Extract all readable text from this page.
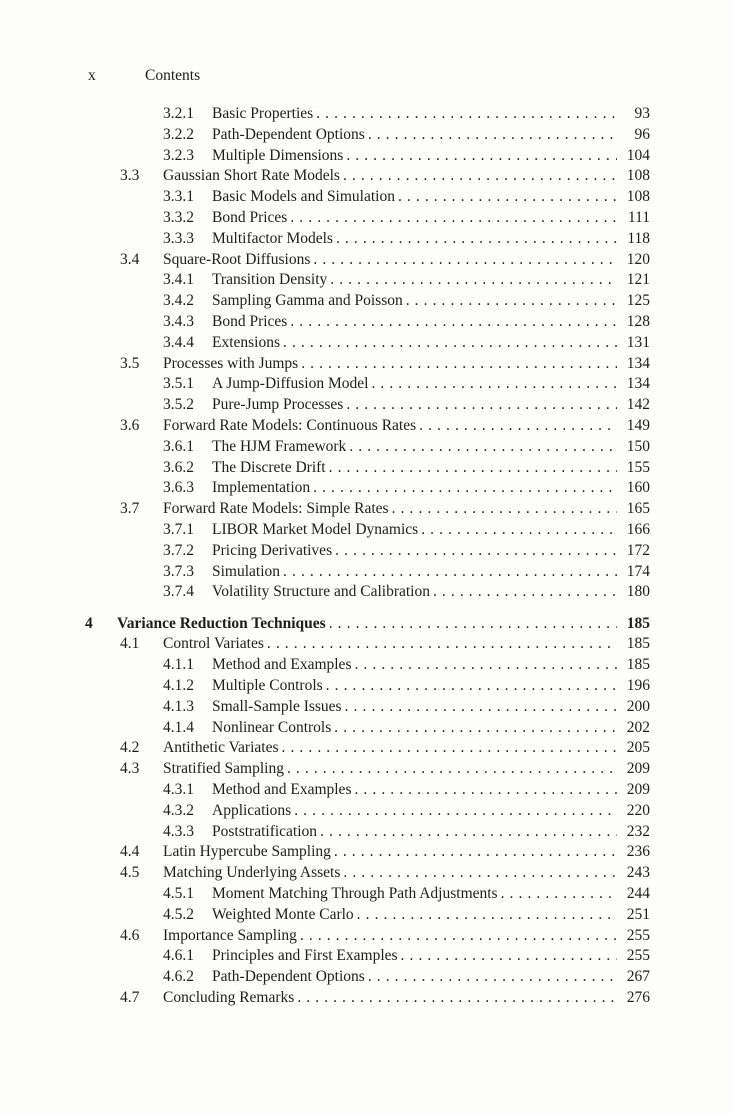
x	Contents
3.2.1	Basic Properties . . .	93
3.2.2	Path-Dependent Options . . .	96
3.2.3	Multiple Dimensions . . .	104
3.3	Gaussian Short Rate Models . . .	108
3.3.1	Basic Models and Simulation . . .	108
3.3.2	Bond Prices . . .	111
3.3.3	Multifactor Models . . .	118
3.4	Square-Root Diffusions . . .	120
3.4.1	Transition Density . . .	121
3.4.2	Sampling Gamma and Poisson . . .	125
3.4.3	Bond Prices . . .	128
3.4.4	Extensions . . .	131
3.5	Processes with Jumps . . .	134
3.5.1	A Jump-Diffusion Model . . .	134
3.5.2	Pure-Jump Processes . . .	142
3.6	Forward Rate Models: Continuous Rates . . .	149
3.6.1	The HJM Framework . . .	150
3.6.2	The Discrete Drift . . .	155
3.6.3	Implementation . . .	160
3.7	Forward Rate Models: Simple Rates . . .	165
3.7.1	LIBOR Market Model Dynamics . . .	166
3.7.2	Pricing Derivatives . . .	172
3.7.3	Simulation . . .	174
3.7.4	Volatility Structure and Calibration . . .	180
4	Variance Reduction Techniques . . .	185
4.1	Control Variates . . .	185
4.1.1	Method and Examples . . .	185
4.1.2	Multiple Controls . . .	196
4.1.3	Small-Sample Issues . . .	200
4.1.4	Nonlinear Controls . . .	202
4.2	Antithetic Variates . . .	205
4.3	Stratified Sampling . . .	209
4.3.1	Method and Examples . . .	209
4.3.2	Applications . . .	220
4.3.3	Poststratification . . .	232
4.4	Latin Hypercube Sampling . . .	236
4.5	Matching Underlying Assets . . .	243
4.5.1	Moment Matching Through Path Adjustments . . .	244
4.5.2	Weighted Monte Carlo . . .	251
4.6	Importance Sampling . . .	255
4.6.1	Principles and First Examples . . .	255
4.6.2	Path-Dependent Options . . .	267
4.7	Concluding Remarks . . .	276
